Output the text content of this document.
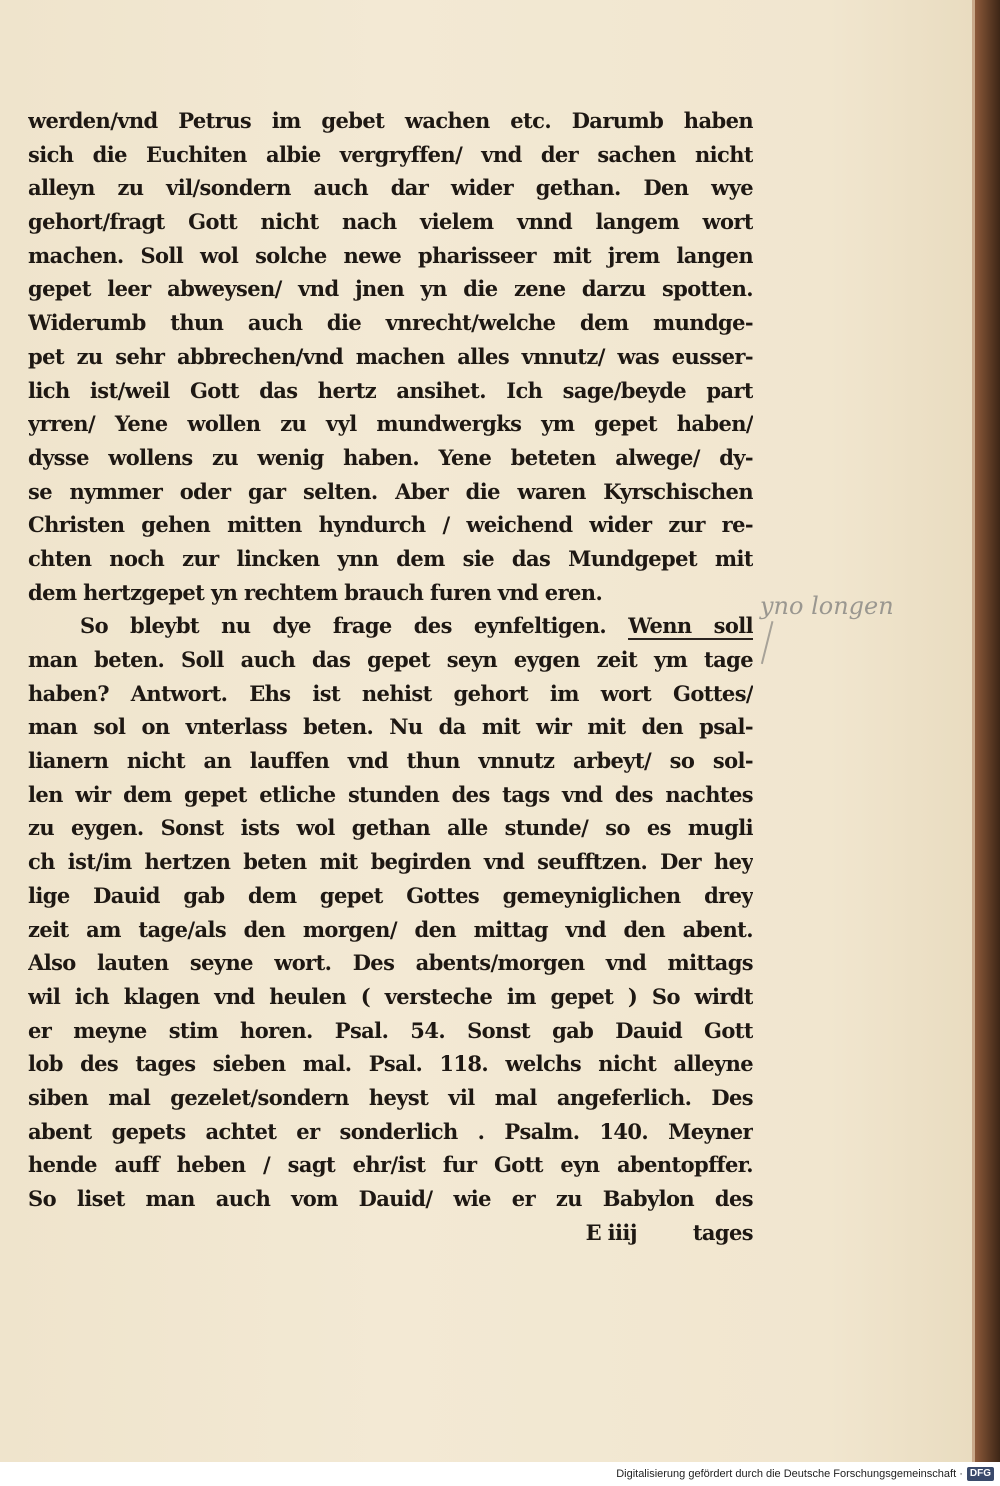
werden/vnd Petrus im gebet wachen etc. Darumb haben
sich die Euchiten albie vergryffen/ vnd der sachen nicht
alleyn zu vil/sondern auch dar wider gethan. Den wye
gehort/fragt Gott nicht nach vielem vnnd langem wort
machen. Soll wol solche newe pharisseer mit jrem langen
gepet leer abweysen/ vnd jnen yn die zene darzu spotten.
Widerumb thun auch die vnrecht/welche dem mundge-
pet zu sehr abbrechen/vnd machen alles vnnutz/ was eusser-
lich ist/weil Gott das hertz ansihet. Ich sage/beyde part
yrren/ Yene wollen zu vyl mundwergks ym gepet haben/
dysse wollens zu wenig haben. Yene beteten alwege/ dy-
se nymmer oder gar selten. Aber die waren Kyrschischen
Christen gehen mitten hyndurch / weichend wider zur re-
chten noch zur lincken ynn dem sie das Mundgepet mit
dem hertzgepet yn rechtem brauch furen vnd eren.
So bleybt nu dye frage des eynfeltigen. Wenn soll
man beten. Soll auch das gepet seyn eygen zeit ym tage
haben? Antwort. Ehs ist nehist gehort im wort Gottes/
man sol on vnterlass beten. Nu da mit wir mit den psal-
lianern nicht an lauffen vnd thun vnnutz arbeyt/ so sol-
len wir dem gepet etliche stunden des tags vnd des nachtes
zu eygen. Sonst ists wol gethan alle stunde/ so es mugli
ch ist/im hertzen beten mit begirden vnd seufftzen. Der hey
lige Dauid gab dem gepet Gottes gemeyniglichen drey
zeit am tage/als den morgen/ den mittag vnd den abent.
Also lauten seyne wort. Des abents/morgen vnd mittags
wil ich klagen vnd heulen ( versteche im gepet ) So wirdt
er meyne stim horen. Psal. 54. Sonst gab Dauid Gott
lob des tages sieben mal. Psal. 118. welchs nicht alleyne
siben mal gezelet/sondern heyst vil mal angeferlich. Des
abent gepets achtet er sonderlich . Psalm. 140. Meyner
hende auff heben / sagt ehr/ist fur Gott eyn abentopffer.
So liset man auch vom Dauid/ wie er zu Babylon des
E iiij	tages
yno longen
Digitalisierung gefördert durch die Deutsche Forschungsgemeinschaft · DFG
